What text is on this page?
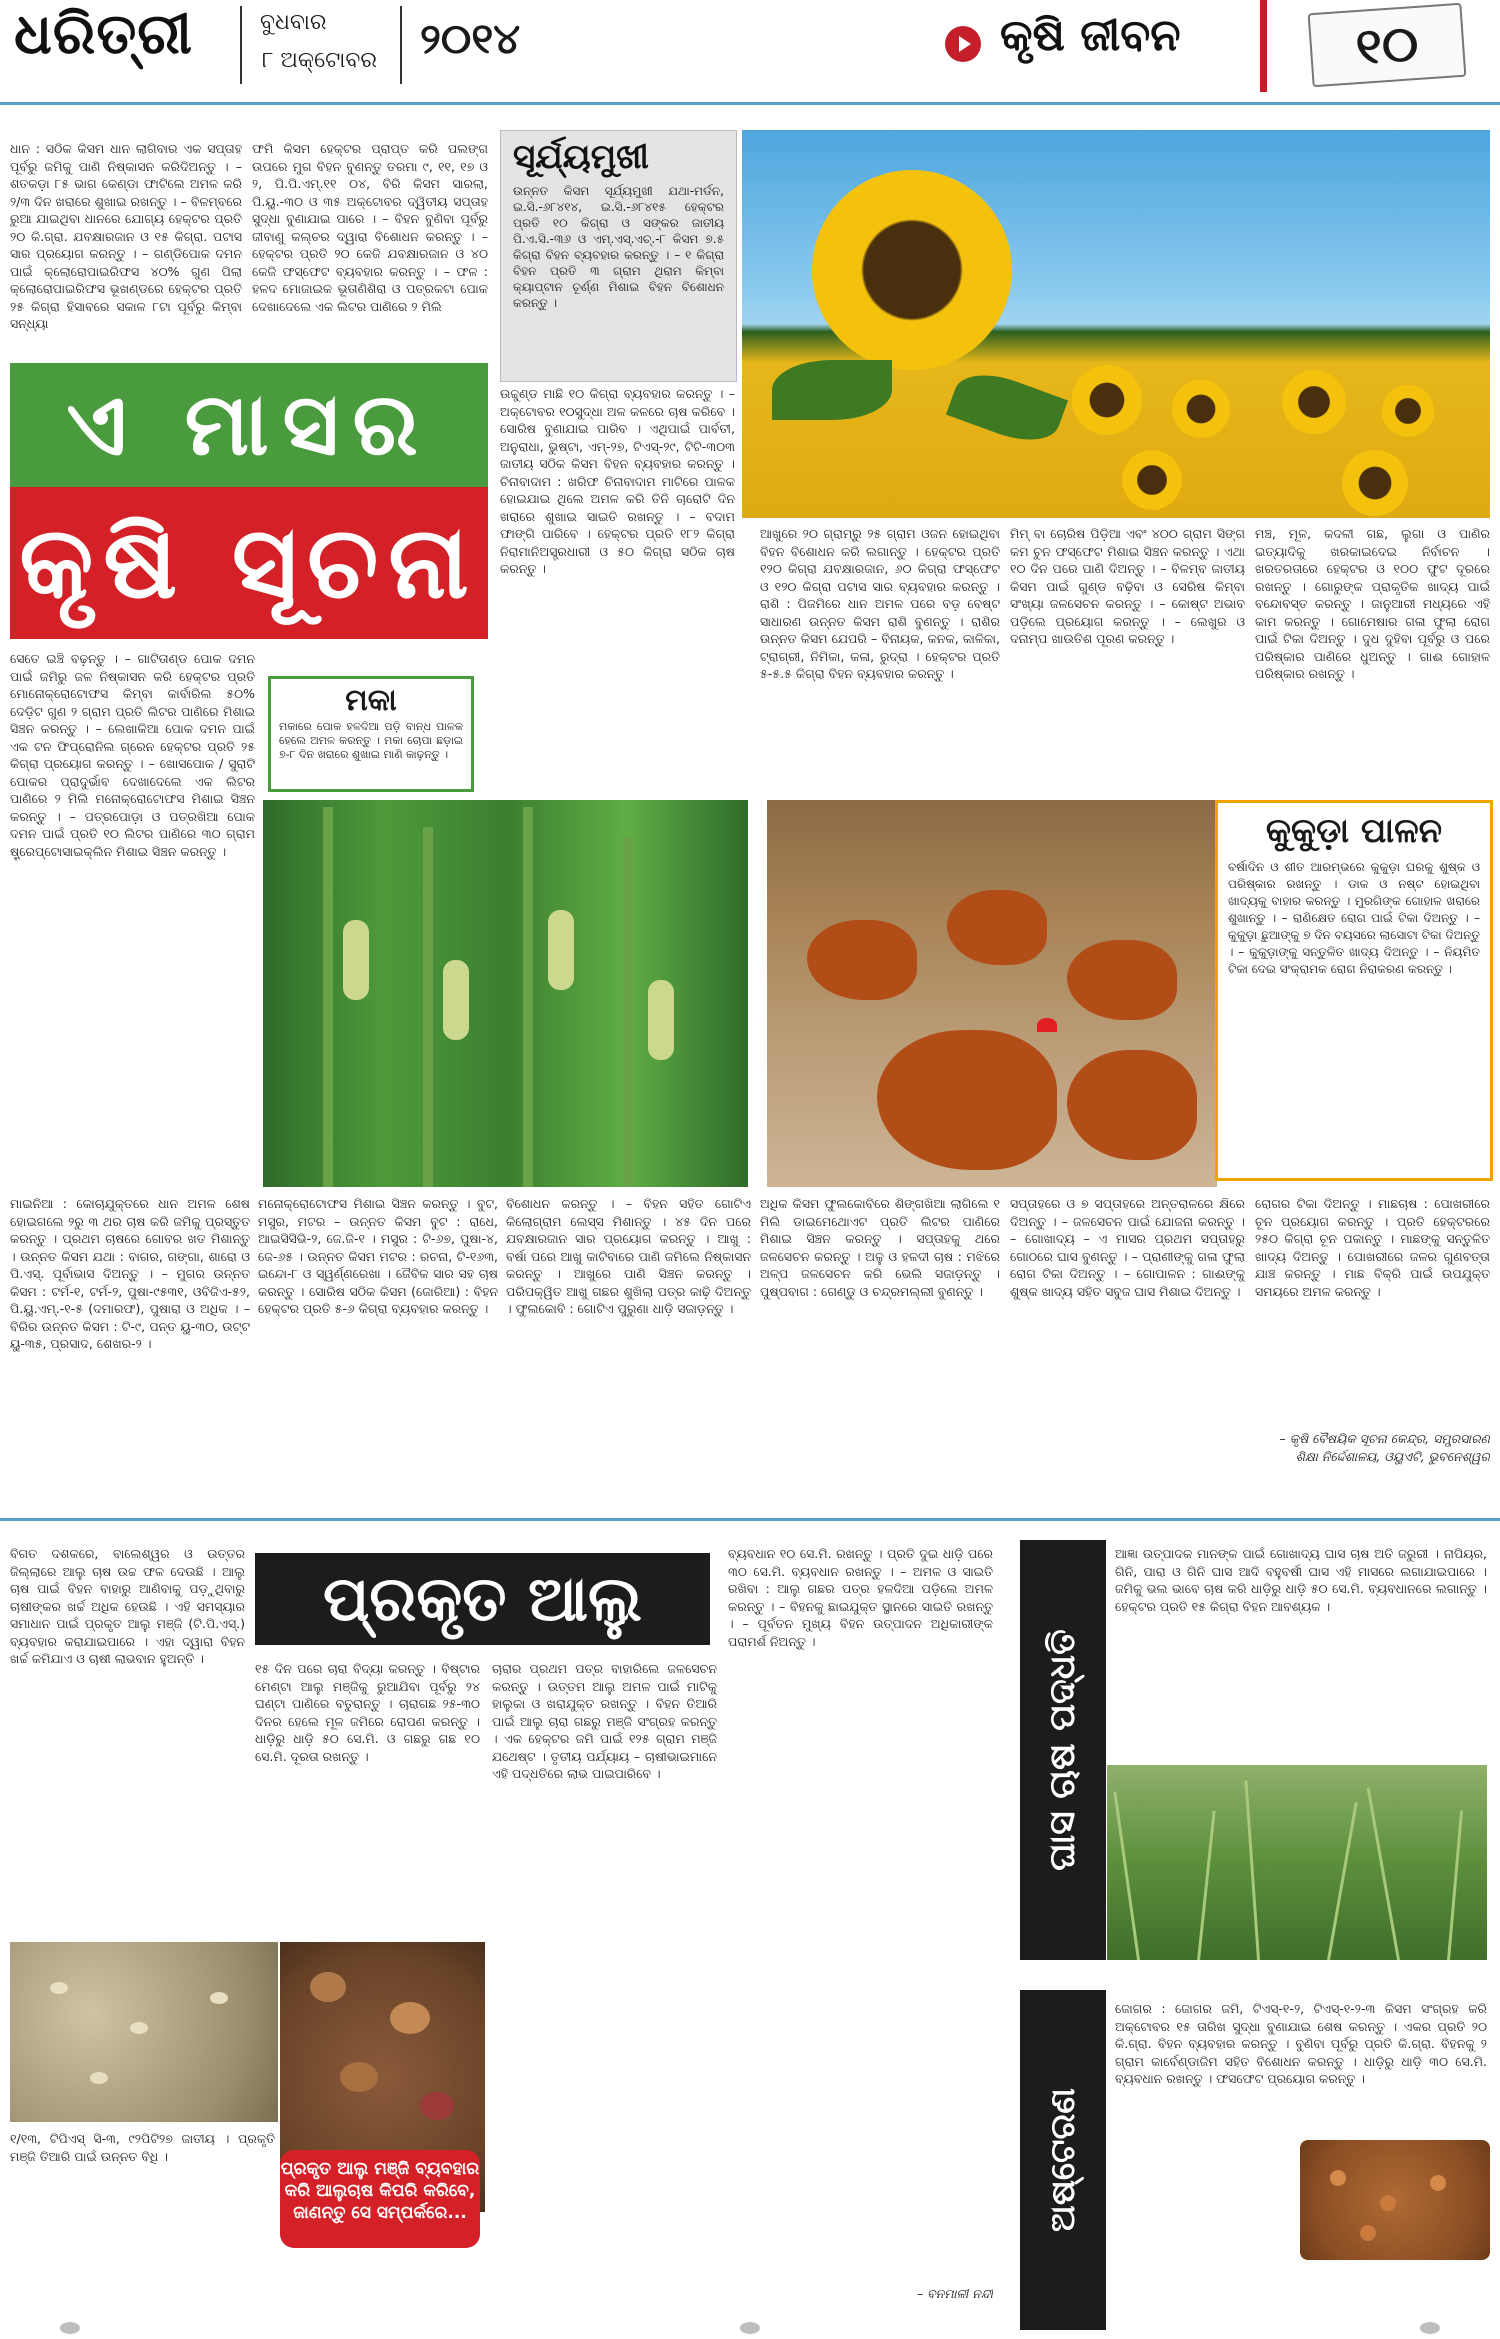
ଧରିତ୍ରୀ	ବୁଧବାର
୮ ଅକ୍ଟୋବର ୨୦୧୪	କୃଷି ଜୀବନ	୧୦
ଧାନ : ସଠିକ କିସମ ଧାନ ଲାଗିବାର ଏକ ସପ୍ତାହ ପୂର୍ବରୁ ଜମିକୁ ପାଣି ନିଷ୍କାସନ କରିଦିଅନ୍ତୁ । – ଶତକଡ଼ା ୮୫ ଭାଗ କେଣ୍ଡା ଫାଟିଲେ ଅମଳ କରି ୨/୩ ଦିନ ଖରାରେ ଶୁଖାଇ ରଖନ୍ତୁ । – ବିଳମ୍ବରେ ରୁଆ ଯାଇଥିବା ଧାନରେ ଯୋଗ୍ୟ ହେକ୍ଟର ପ୍ରତି ୨୦ କି.ଗ୍ରା. ଯବକ୍ଷାରଜାନ ଓ ୧୫ କିଗ୍ରା. ପଟାସ ସାର ପ୍ରୟୋଗ କରନ୍ତୁ । – ଗଣ୍ଡିପୋକ ଦମନ ପାଇଁ କ୍ଲୋରୋପାଇରିଫସ ୪୦% ଗୁଣ ପିଲା କ୍ଲୋରୋପାଇରିଫସ ଭୂଖଣ୍ଡରେ ହେକ୍ଟର ପ୍ରତି ୨୫ କିଗ୍ରା ହିସାବରେ ସକାଳ ୮ଟା ପୂର୍ବରୁ କିମ୍ବା ସନ୍ଧ୍ୟା
ଫମି କିସମ ହେକ୍ଟର ପ୍ରାପ୍ତ କରି ପଲଙ୍ଗ ଉପରେ ମୁଗ ବିହନ ବୁଣନ୍ତୁ ତରମା ୯, ୧୧, ୧୭ ଓ ୨, ପି.ପି.ଏମ୍.୧୧ ୦୪, ବିରି କିସମ ସାରଲା, ପି.ୟୁ.-୩୦ ଓ ୩୫ ଅକ୍ଟୋବର ଦ୍ୱିତୀୟ ସପ୍ତାହ ସୁଦ୍ଧା ବୁଣାଯାଇ ପାରେ । – ବିହନ ବୁଣିବା ପୂର୍ବରୁ ଜୀବାଣୁ କଲ୍ଚର ଦ୍ୱାରା ବିଶୋଧନ କରନ୍ତୁ । – ହେକ୍ଟର ପ୍ରତି ୨୦ କେଜି ଯବକ୍ଷାରଜାନ ଓ ୪୦ କେଜି ଫସ୍ଫେଟ ବ୍ୟବହାର କରନ୍ତୁ । – ଫଳ : ହଳଦ ମୋଜାଇକ ଭୂତାଣିଶିରା ଓ ପତ୍ରକଟା ପୋକ ଦେଖାଦେଲେ ଏକ ଲିଟର ପାଣିରେ ୨ ମିଲି
ସୂର୍ଯ୍ୟମୁଖୀ
ଉନ୍ନତ କିସମ ସୂର୍ଯ୍ୟମୁଖୀ ଯଥା-ମର୍ଡନ, ଇ.ସି.-୬୮୪୧୪, ଇ.ସି.-୬୮୪୧୫ ହେକ୍ଟର ପ୍ରତି ୧୦ କିଗ୍ରା ଓ ସଙ୍କର ଜାତୀୟ ପି.ଏ.ସି.-୩୬ ଓ ଏମ୍.ଏସ୍.ଏଚ୍.-୮ କିସମ ୭.୫ କିଗ୍ରା ବିହନ ବ୍ୟବହାର କରନ୍ତୁ । – ୧ କିଗ୍ରା ବିହନ ପ୍ରତି ୩ ଗ୍ରାମ ଥିରାମ କିମ୍ବା କ୍ୟାପ୍ଟାନ ଚୂର୍ଣ୍ଣ ମିଶାଇ ବିହନ ବିଶୋଧନ କରନ୍ତୁ ।
ଏ ମାସର
କୃଷି ସୂଚନା
ଉଚ୍ଚୁଣ୍ଡ ମାଛି ୧୦ କିଗ୍ରା ବ୍ୟବହାର କରନ୍ତୁ । – ଅକ୍ଟୋବର ୧୦ସୁଦ୍ଧା ଅଳ କଳରେ ଚାଷ କରିବେ । ସୋରିଷ ବୁଣାଯାଇ ପାରିବ । ଏଥିପାଇଁ ପାର୍ବତୀ, ଅନୁରାଧା, ଭୁଷ୍ଟା, ଏମ୍-୨୭, ଟିଏସ୍-୨୯, ଟିଟି-୩୦୩ ଜାତୀୟ ସଠିକ କିସମ ବିହନ ବ୍ୟବହାର କରନ୍ତୁ । ଚିନାବାଦାମ : ଖରିଫ ଚିନାବାଦାମ ମାଟିରେ ପାଳକ ହୋଇଯାଇ ଥିଲେ ଅମଳ କରି ତିନି ଚାରୋଟି ଦିନ ଖରାରେ ଶୁଖାଇ ସାଇତି ରଖନ୍ତୁ । – ବଦାମ ଫାଙ୍ଗି ପାରିବେ । ହେକ୍ଟର ପ୍ରତି ୧୮୨ କିଗ୍ରା ନିରାମାନିଅସ୍ତ୍ରଧାରୀ ଓ ୫୦ କିଗ୍ରା ସଠିକ ଚାଷ କରନ୍ତୁ ।
ଆଖୁରେ ୨୦ ଗ୍ରାମ୍ରୁ ୨୫ ଗ୍ରାମ ଓଜନ ହୋଇଥିବା ବିହନ ବିଶୋଧନ କରି ଲଗାନ୍ତୁ । ହେକ୍ଟର ପ୍ରତି ୧୨୦ କିଗ୍ରା ଯବକ୍ଷାରଜାନ, ୬୦ କିଗ୍ରା ଫସ୍ଫେଟ ଓ ୧୨୦ କିଗ୍ରା ପଟାସ ସାର ବ୍ୟବହାର କରନ୍ତୁ । ରାଶି : ପିଜମିରେ ଧାନ ଅମଳ ପରେ ବଡ଼ ବେଷ୍ଟ ସାଧାରଣ ଉନ୍ନତ କିସମ ରାଶି ବୁଣନ୍ତୁ । ରାଶିର ଉନ୍ନତ କିସମ ଯେପରି – ବିନାୟକ, କନକ, କାଳିକା, ଟ୍ରାଗ୍ରୀ, ନିମିକା, କଳା, ରୁଦ୍ରା । ହେକ୍ଟର ପ୍ରତି ୫-୫.୫ କିଗ୍ରା ବିହନ ବ୍ୟବହାର କରନ୍ତୁ ।
ମିମ୍ ବା ଚୋରିଷ ପିଡ଼ିଆ ଏବଂ ୪୦୦ ଗ୍ରାମ ସିଙ୍ଗ କମ ଚୁନ ଫସ୍ଫେଟ ମିଶାଇ ସିଞ୍ଚନ କରନ୍ତୁ । ଏଥା ୧୦ ଦିନ ପରେ ପାଣି ଦିଅନ୍ତୁ । – ବିଳମ୍ବ ଜାତୀୟ କିସମ ପାଇଁ ଗୁଣ୍ଡ ବଢ଼ିବା ଓ ସେରିଷ କିମ୍ବା ସଂଖ୍ୟା ଜଳସେଚନ କରନ୍ତୁ । – କୋଷ୍ଟ ଅଭାବ ପଡ଼ିଲେ ପ୍ରୟୋଗ କରନ୍ତୁ । – ଲେଖୁର ଓ ଦନାମ୍ପ ଖାଉତିଶ ପୂରଣ କରନ୍ତୁ ।
ମଞ୍ଚ, ମୂଳ, କଦଳୀ ଗଛ, ଲୁଗା ଓ ପାଣିର ଇତ୍ୟାଦିକୁ ଖରକାଇଦେଇ ନିର୍ବାଚନ । ଖରତରତାରେ ହେକ୍ଟର ଓ ୧୦୦ ଫୁଟ ଦୂରରେ ରଖନ୍ତୁ । ଗୋରୁଙ୍କ ପ୍ରାକୃତିକ ଖାଦ୍ୟ ପାଇଁ ବନ୍ଦୋବସ୍ତ କରନ୍ତୁ । ଜାନୁଆରୀ ମଧ୍ୟରେ ଏହି କାମ କରନ୍ତୁ । ଗୋମେଷାର ଗଳା ଫୁଲା ରୋଗ ପାଇଁ ଟିକା ଦିଅନ୍ତୁ । ଦୁଧ ଦୁହିବା ପୂର୍ବରୁ ଓ ପରେ ପରିଷ୍କାର ପାଣିରେ ଧୁଅନ୍ତୁ । ଗାଈ ଗୋହାଳ ପରିଷ୍କାର ରଖନ୍ତୁ ।
ସେତେ ଇଞ୍ଚି ବଢ଼ନ୍ତୁ । – ଗାଟିତାଣ୍ଡ ପୋକ ଦମନ ପାଇଁ ଜମିରୁ ଜଳ ନିଷ୍କାସନ କରି ହେକ୍ଟର ପ୍ରତି ମୋନୋକ୍ରୋଟୋଫସ କିମ୍ବା କାର୍ବାରିଲ ୫୦% ଦେଡ଼ିଟ ଗୁଣ ୨ ଗ୍ରାମ ପ୍ରତି ଲିଟର ପାଣିରେ ମିଶାଇ ସିଞ୍ଚନ କରନ୍ତୁ । – ଲେଖାକିଆ ପୋକ ଦମନ ପାଇଁ ଏକ ଟନ ଫିପ୍ରୋନିଲ ଗ୍ରେନ ହେକ୍ଟର ପ୍ରତି ୨୫ କିଗ୍ରା ପ୍ରୟୋଗ କରନ୍ତୁ । – ଖୋସପୋକ / ସୁରାଟି ପୋକର ପ୍ରାଦୁର୍ଭାବ ଦେଖାଦେଲେ ଏକ ଲିଟର ପାଣିରେ ୨ ମିଲି ମନୋକ୍ରୋଟୋଫସ ମିଶାଇ ସିଞ୍ଚନ କରନ୍ତୁ । – ପତ୍ରପୋଡ଼ା ଓ ପତ୍ରଖିଆ ପୋକ ଦମନ ପାଇଁ ପ୍ରତି ୧୦ ଲିଟର ପାଣିରେ ୩୦ ଗ୍ରାମ ଷ୍ଟ୍ରେପ୍ଟୋସାଇକ୍ଲିନ ମିଶାଇ ସିଞ୍ଚନ କରନ୍ତୁ ।
ମକା
ମକାରେ ପୋକ ହଳଦିଆ ପଡ଼ି ବାନ୍ଧ ପାଳକ ହେଲେ ଅମଳ କରନ୍ତୁ । ମକା ଚୋପା ଛଡ଼ାଇ ୭-୮ ଦିନ ଖରାରେ ଶୁଖାଇ ମାଣି କାଢ଼ନ୍ତୁ ।
କୁକୁଡ଼ା ପାଳନ
ବର୍ଷାଦିନ ଓ ଶୀତ ଆରମ୍ଭରେ କୁକୁଡ଼ା ଘରକୁ ଶୁଷ୍କ ଓ ପରିଷ୍କାର ରଖନ୍ତୁ । ଡାକ ଓ ନଷ୍ଟ ହୋଇଥିବା ଖାଦ୍ୟକୁ ବାହାର କରନ୍ତୁ । ମୁରଗିଙ୍କ ଗୋହାଳ ଖରାରେ ଶୁଖାନ୍ତୁ । – ରାଣିକ୍ଷେତ ରୋଗ ପାଇଁ ଟିକା ଦିଅନ୍ତୁ । – କୁକୁଡ଼ା ଛୁଆଙ୍କୁ ୭ ଦିନ ବୟସରେ ଲାସୋଟା ଟିକା ଦିଅନ୍ତୁ । – କୁକୁଡ଼ାଙ୍କୁ ସନ୍ତୁଳିତ ଖାଦ୍ୟ ଦିଅନ୍ତୁ । – ନିୟମିତ ଟିକା ଦେଇ ସଂକ୍ରାମକ ରୋଗ ନିରାକରଣ କରନ୍ତୁ ।
ମାଇନିଆ : କୋଚାଯୁକ୍ତରେ ଧାନ ଅମଳ ଶେଷ ହୋଇଗଲେ ୨ରୁ ୩ ଥର ଚାଷ କରି ଜମିକୁ ପ୍ରସ୍ତୁତ କରନ୍ତୁ । ପ୍ରଥମ ଚାଷରେ ଗୋବର ଖତ ମିଶାନ୍ତୁ । ଉନ୍ନତ କିସମ ଯଥା : ବାଗର, ଗଙ୍ଗା, ଶାରୋ ଓ ପି.ଏସ୍. ପୂର୍ବାଭାସ ଦିଅନ୍ତୁ । – ମୁଗର ଉନ୍ନତ କିସମ : ଟର୍ମ-୧, ଟର୍ମ-୨, ପୁଷା-୯୫୩୧, ଓବିଜିଏ-୫୨, ପି.ୟୁ.ଏମ୍.-୧-୫ (ଦମାରଫ), ପୁଷାରା ଓ ଅଧିକ । – ବିରିର ଉନ୍ନତ କିସମ : ଟି-୯, ପନ୍ତ ୟୁ-୩୦, ଉଟ୍ଟ ୟୁ-୩୫, ପ୍ରସାଦ, ଶେଖର-୨ ।
ମନୋକ୍ରୋଟୋଫସ ମିଶାଇ ସିଞ୍ଚନ କରନ୍ତୁ । ବୁଟ, ମସୁର, ମଟର – ଉନ୍ନତ କିସମ ବୁଟ : ରାଧେ, ଆଇସିସିଭି-୨, ଜେ.ଜି-୧ । ମସୁର : ଟି-୬୭, ପୁଷା-୪, ଜେ-୬୫ । ଉନ୍ନତ କିସମ ମଟର : ରଚନା, ଟି-୧୬୩, ଇନ୍ଦୋ-୮ ଓ ସ୍ୱର୍ଣ୍ଣରେଖା । ଜୈବିକ ସାର ସହ ଚାଷ କରନ୍ତୁ । ସୋରିଷ ସଠିକ କିସମ (ଜୋରିଆ) : ବିହନ ହେକ୍ଟର ପ୍ରତି ୫-୬ କିଗ୍ରା ବ୍ୟବହାର କରନ୍ତୁ ।
ବିଶୋଧନ କରନ୍ତୁ । – ବିହନ ସହିତ ଗୋଟିଏ କିଲୋଗ୍ରାମ ଲେସ୍ସ ମିଶାନ୍ତୁ । ୪୫ ଦିନ ପରେ ଯବକ୍ଷାରଜାନ ସାର ପ୍ରୟୋଗ କରନ୍ତୁ । ଆଖୁ : ବର୍ଷା ପରେ ଆଖୁ କାଟିବାରେ ପାଣି ଜମିଲେ ନିଷ୍କାସନ କରନ୍ତୁ । ଆଖୁରେ ପାଣି ସିଞ୍ଚନ କରନ୍ତୁ । ପରିପକ୍ୱିତ ଆଖୁ ଗଛର ଶୁଖିଲା ପତ୍ର କାଢ଼ି ଦିଅନ୍ତୁ । ଫୁଲକୋବି : ଗୋଟିଏ ପୁରୁଣା ଧାଡ଼ି ସଜାଡ଼ନ୍ତୁ ।
ଅଧିକ କିସମ ଫୁଲକୋବିରେ ଶିଙ୍ଗଖିଆ ଲାଗିଲେ ୧ ମିଲି ଡାଇମେଥୋଏଟ ପ୍ରତି ଲିଟର ପାଣିରେ ମିଶାଇ ସିଞ୍ଚନ କରନ୍ତୁ । ସପ୍ତାହକୁ ଥରେ ଜଳସେଚନ କରନ୍ତୁ । ଅଳୁ ଓ ହଳଦୀ ଚାଷ : ମଝିରେ ଅଳ୍ପ ଜଳସେଚନ କରି ଭେଲି ସଜାଡ଼ନ୍ତୁ । ପୁଷ୍ପବାଗ : ଗେଣ୍ଡୁ ଓ ଚନ୍ଦ୍ରମଲ୍ଲୀ ବୁଣନ୍ତୁ ।
ସପ୍ତାହରେ ଓ ୭ ସପ୍ତାହରେ ଅନ୍ତରାଳରେ କ୍ଷିରେ ଦିଅନ୍ତୁ । – ଜଳସେଚନ ପାଇଁ ଯୋଜନା କରନ୍ତୁ । – ଗୋଖାଦ୍ୟ – ଏ ମାସର ପ୍ରଥମ ସପ୍ତାହରୁ ଗୋଠରେ ଘାସ ବୁଣନ୍ତୁ । – ପ୍ରାଣୀଙ୍କୁ ଗଳା ଫୁଲା ରୋଗ ଟିକା ଦିଅନ୍ତୁ । – ଗୋପାଳନ : ଗାଈଙ୍କୁ ଶୁଷ୍କ ଖାଦ୍ୟ ସହିତ ସବୁଜ ଘାସ ମିଶାଇ ଦିଅନ୍ତୁ ।
ରୋଗର ଟିକା ଦିଅନ୍ତୁ । ମାଛଚାଷ : ପୋଖରୀରେ ଚୂନ ପ୍ରୟୋଗ କରନ୍ତୁ । ପ୍ରତି ହେକ୍ଟରରେ ୨୫୦ କିଗ୍ରା ଚୂନ ପକାନ୍ତୁ । ମାଛଙ୍କୁ ସନ୍ତୁଳିତ ଖାଦ୍ୟ ଦିଅନ୍ତୁ । ପୋଖରୀରେ ଜଳର ଗୁଣବତ୍ତା ଯାଞ୍ଚ କରନ୍ତୁ । ମାଛ ବିକ୍ରି ପାଇଁ ଉପଯୁକ୍ତ ସମୟରେ ଅମଳ କରନ୍ତୁ ।
– କୃଷି ବୈଷୟିକ ସୂଚନା କେନ୍ଦ୍ର, ସମ୍ପ୍ରସାରଣ ଶିକ୍ଷା ନିର୍ଦ୍ଦେଶାଳୟ, ଓୟୁଏଟି, ଭୁବନେଶ୍ୱର
ପ୍ରକୃତ ଆଲୁ ମଞ୍ଜି
ବିଗତ ଦଶକରେ, ବାଲେଶ୍ୱର ଓ ଉତ୍ତର ଜିଲ୍ଲାରେ ଆଲୁ ଚାଷ ଉଚ୍ଚ ଫଳ ଦେଉଛି । ଆଲୁ ଚାଷ ପାଇଁ ବିହନ ବାହାରୁ ଆଣିବାକୁ ପଡ଼ୁଥିବାରୁ ଚାଷୀଙ୍କର ଖର୍ଚ୍ଚ ଅଧିକ ହେଉଛି । ଏହି ସମସ୍ୟାର ସମାଧାନ ପାଇଁ ପ୍ରକୃତ ଆଲୁ ମଞ୍ଜି (ଟି.ପି.ଏସ୍.) ବ୍ୟବହାର କରାଯାଇପାରେ । ଏହା ଦ୍ୱାରା ବିହନ ଖର୍ଚ୍ଚ କମିଯାଏ ଓ ଚାଷୀ ଲାଭବାନ ହୁଅନ୍ତି ।
୧୫ ଦିନ ପରେ ଚାରା ବିଦ୍ୟା କରନ୍ତୁ । ବିଷ୍ଟାର ମେଣ୍ଟା ଆଲୁ ମଞ୍ଜିକୁ ରୁଆଯିବା ପୂର୍ବରୁ ୨୪ ଘଣ୍ଟା ପାଣିରେ ବତୁରାନ୍ତୁ । ଚାରାଗଛ ୨୫-୩୦ ଦିନର ହେଲେ ମୂଳ ଜମିରେ ରୋପଣ କରନ୍ତୁ । ଧାଡ଼ିରୁ ଧାଡ଼ି ୫୦ ସେ.ମି. ଓ ଗଛରୁ ଗଛ ୧୦ ସେ.ମି. ଦୂରତା ରଖନ୍ତୁ ।
ଚାରାର ପ୍ରଥମ ପତ୍ର ବାହାରିଲେ ଜଳସେଚନ କରନ୍ତୁ । ଉତ୍ତମ ଆଲୁ ଅମଳ ପାଇଁ ମାଟିକୁ ହାଲୁକା ଓ ଖରାଯୁକ୍ତ ରଖନ୍ତୁ । ବିହନ ତିଆରି ପାଇଁ ଆଲୁ ଚାରା ଗଛରୁ ମଞ୍ଜି ସଂଗ୍ରହ କରନ୍ତୁ । ଏକ ହେକ୍ଟର ଜମି ପାଇଁ ୧୨୫ ଗ୍ରାମ ମଞ୍ଜି ଯଥେଷ୍ଟ । ତୃତୀୟ ପର୍ଯ୍ୟାୟ – ଚାଷୀଭାଇମାନେ ଏହି ପଦ୍ଧତିରେ ଲାଭ ପାଇପାରିବେ ।
ବ୍ୟବଧାନ ୧୦ ସେ.ମି. ରଖନ୍ତୁ । ପ୍ରତି ଦୁଇ ଧାଡ଼ି ପରେ ୩୦ ସେ.ମି. ବ୍ୟବଧାନ ରଖନ୍ତୁ । – ଅମଳ ଓ ସାଇତି ରଖିବା : ଆଲୁ ଗଛର ପତ୍ର ହଳଦିଆ ପଡ଼ିଲେ ଅମଳ କରନ୍ତୁ । – ବିହନକୁ ଛାଇଯୁକ୍ତ ସ୍ଥାନରେ ସାଇତି ରଖନ୍ତୁ । – ପୂର୍ବତନ ମୁଖ୍ୟ ବିହନ ଉତ୍ପାଦନ ଅଧିକାରୀଙ୍କ ପରାମର୍ଶ ନିଅନ୍ତୁ ।
– ବନମାଳୀ ନନ୍ଦୀ
ପ୍ରକୃତ ଆଲୁ ମଞ୍ଜି ବ୍ୟବହାର କରି ଆଲୁଚାଷ କିପରି କରିବେ, ଜାଣନ୍ତୁ ସେ ସମ୍ପର୍କରେ...
୧/୧୩, ଟିପିଏସ୍ ସି-୩, ୯୨ପିଟି୨୭ ଜାତୀୟ । ପ୍ରକୃତି ମଞ୍ଜି ତିଆରି ପାଇଁ ଉନ୍ନତ ବିଧି ।
ଘାସ ଚାଷ ପଦ୍ଧତି
ଆଜ୍ଞା ଉତ୍ପାଦକ ମାନଙ୍କ ପାଇଁ ଗୋଖାଦ୍ୟ ଘାସ ଚାଷ ଅତି ଜରୁରୀ । ନାପିୟର, ଗିନି, ପାରା ଓ ଗିନି ଘାସ ଆଦି ବହୁବର୍ଷୀ ଘାସ ଏହି ମାସରେ ଲଗାଯାଇପାରେ । ଜମିକୁ ଭଲ ଭାବେ ଚାଷ କରି ଧାଡ଼ିରୁ ଧାଡ଼ି ୫୦ ସେ.ମି. ବ୍ୟବଧାନରେ ଲଗାନ୍ତୁ । ହେକ୍ଟର ପ୍ରତି ୧୫ କିଗ୍ରା ବିହନ ଆବଶ୍ୟକ ।
ଅଷ୍ଟେରଣ
ଜୋଗର : ଜୋଗର ଜମି, ଟିଏସ୍-୧-୨, ଟିଏସ୍-୧-୨-୩ କିସମ ସଂଗ୍ରହ କରି ଅକ୍ଟୋବର ୧୫ ତାରିଖ ସୁଦ୍ଧା ବୁଣାଯାଇ ଶେଷ କରନ୍ତୁ । ଏକର ପ୍ରତି ୨୦ କି.ଗ୍ରା. ବିହନ ବ୍ୟବହାର କରନ୍ତୁ । ବୁଣିବା ପୂର୍ବରୁ ପ୍ରତି କି.ଗ୍ରା. ବିହନକୁ ୨ ଗ୍ରାମ କାର୍ବେଣ୍ଡାଜିମ ସହିତ ବିଶୋଧନ କରନ୍ତୁ । ଧାଡ଼ିରୁ ଧାଡ଼ି ୩୦ ସେ.ମି. ବ୍ୟବଧାନ ରଖନ୍ତୁ । ଫସଫେଟ ପ୍ରୟୋଗ କରନ୍ତୁ ।
